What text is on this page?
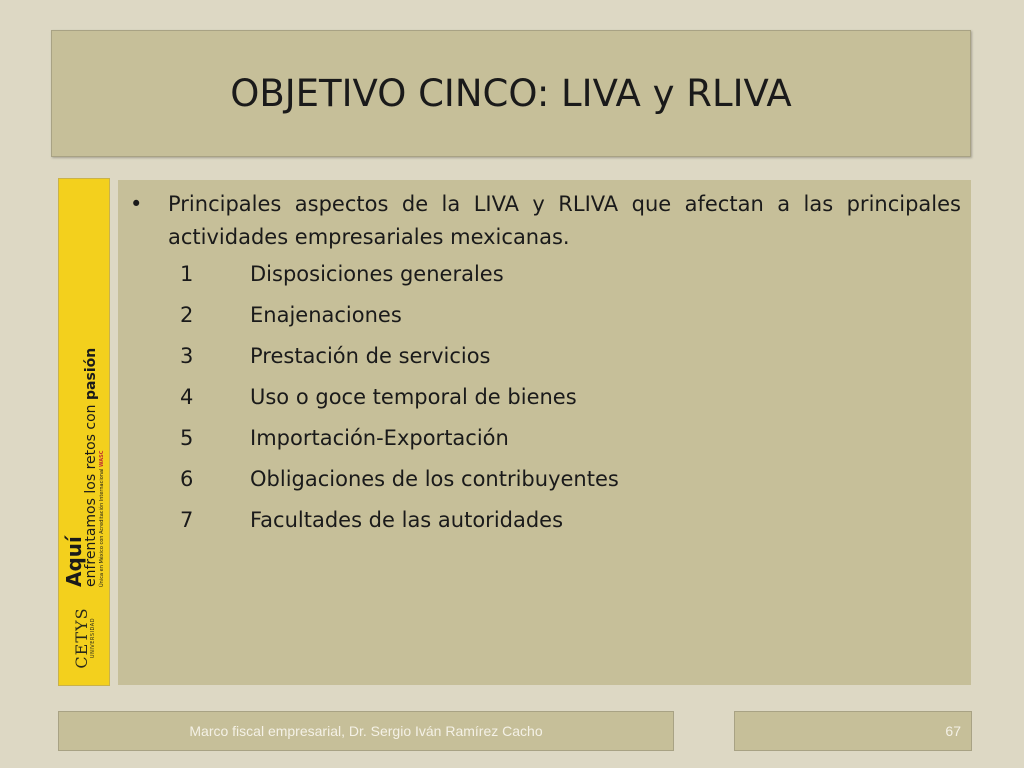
OBJETIVO CINCO: LIVA y RLIVA
CETYS UNIVERSIDAD
Aquí
enfrentamos los retos con pasión
Única en México con Acreditación Internacional WASC
•	Principales aspectos de la LIVA y RLIVA que afectan a las principales actividades empresariales mexicanas.
1	Disposiciones generales
2	Enajenaciones
3	Prestación de servicios
4	Uso o goce temporal de bienes
5	Importación-Exportación
6	Obligaciones de los contribuyentes
7	Facultades de las autoridades
Marco fiscal empresarial, Dr. Sergio Iván Ramírez Cacho	67
